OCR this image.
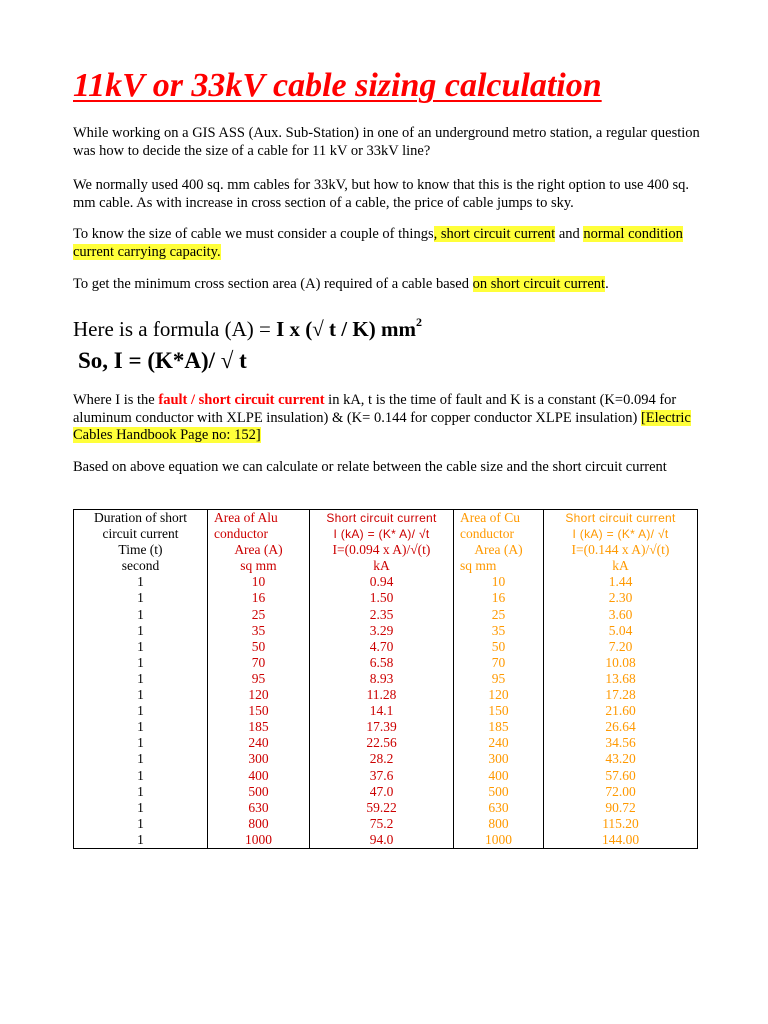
11kV or 33kV cable sizing calculation

While working on a GIS ASS (Aux. Sub-Station) in one of an underground metro station, a regular question was how to decide the size of a cable for 11 kV or 33kV line?

We normally used 400 sq. mm cables for 33kV, but how to know that this is the right option to use 400 sq. mm cable. As with increase in cross section of a cable, the price of cable jumps to sky.

To know the size of cable we must consider a couple of things, short circuit current and normal condition current carrying capacity.

To get the minimum cross section area (A) required of a cable based on short circuit current.

Here is a formula (A) = I x (√ t / K) $mm^2$

So, I = (K*A)/ √ t

Where I is the fault / short circuit current in kA, t is the time of fault and K is a constant (K=0.094 for aluminum conductor with XLPE insulation) & (K= 0.144 for copper conductor XLPE insulation) [Electric Cables Handbook Page no: 152]

Based on above equation we can calculate or relate between the cable size and the short circuit current

Duration of short	Area of Alu	Short circuit current	Area of Cu	Short circuit current
circuit current	conductor	I (kA) = (K* A)/ √t	conductor	I (kA) = (K* A)/ √t
Time (t)	Area (A)	I=(0.094 x A)/√(t)	Area (A)	I=(0.144 x A)/√(t)
second	sq mm	kA	sq mm	kA
1	10	0.94	10	1.44
1	16	1.50	16	2.30
1	25	2.35	25	3.60
1	35	3.29	35	5.04
1	50	4.70	50	7.20
1	70	6.58	70	10.08
1	95	8.93	95	13.68
1	120	11.28	120	17.28
1	150	14.1	150	21.60
1	185	17.39	185	26.64
1	240	22.56	240	34.56
1	300	28.2	300	43.20
1	400	37.6	400	57.60
1	500	47.0	500	72.00
1	630	59.22	630	90.72
1	800	75.2	800	115.20
1	1000	94.0	1000	144.00
